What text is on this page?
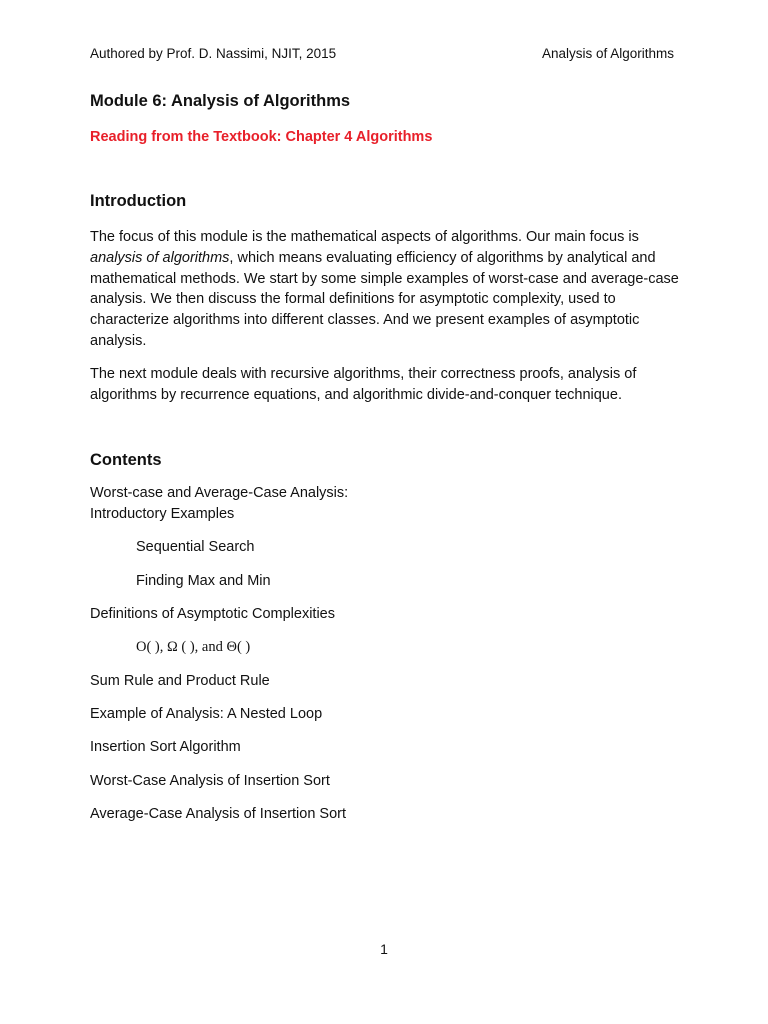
Authored by Prof. D. Nassimi, NJIT, 2015	Analysis of Algorithms
Module 6: Analysis of Algorithms
Reading from the Textbook: Chapter 4 Algorithms
Introduction

The focus of this module is the mathematical aspects of algorithms. Our main focus is analysis of algorithms, which means evaluating efficiency of algorithms by analytical and mathematical methods. We start by some simple examples of worst-case and average-case analysis. We then discuss the formal definitions for asymptotic complexity, used to characterize algorithms into different classes. And we present examples of asymptotic analysis.

The next module deals with recursive algorithms, their correctness proofs, analysis of algorithms by recurrence equations, and algorithmic divide-and-conquer technique.

Contents
Worst-case and Average-Case Analysis:
Introductory Examples
Sequential Search
Finding Max and Min
Definitions of Asymptotic Complexities
O( ), Ω ( ), and Θ( )
Sum Rule and Product Rule
Example of Analysis: A Nested Loop
Insertion Sort Algorithm
Worst-Case Analysis of Insertion Sort
Average-Case Analysis of Insertion Sort
1
